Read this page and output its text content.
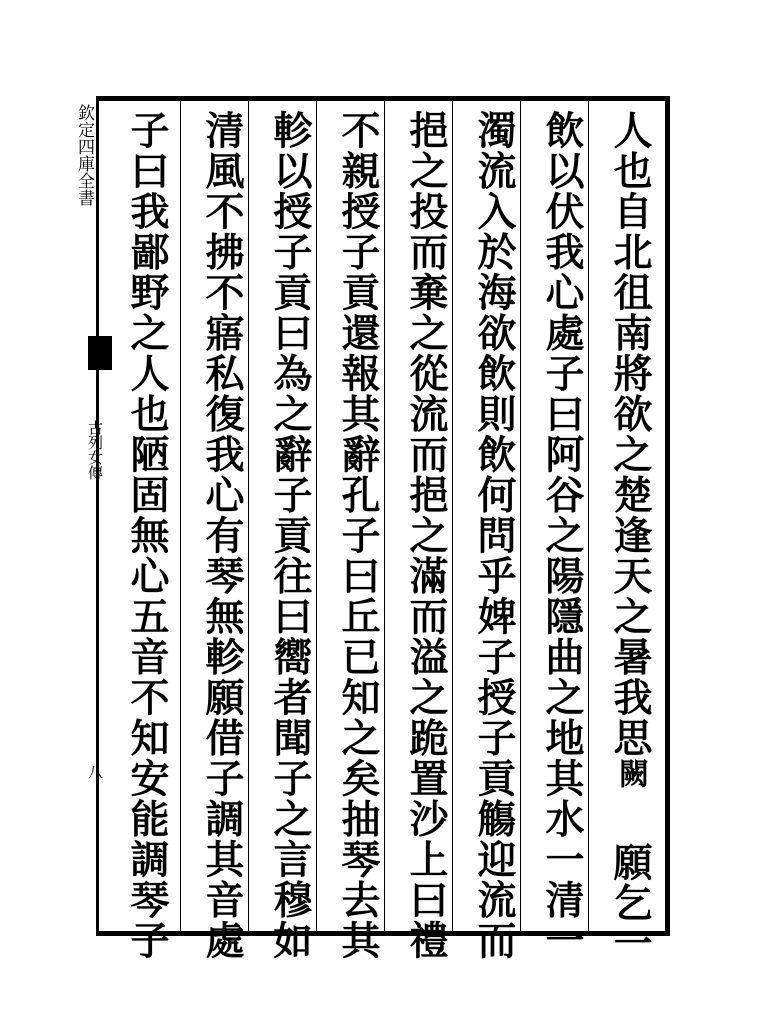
欽定四庫全書
古列女傳
八
人也自北徂南將欲之楚逢天之暑我思闕願乞一
飲以伏我心處子曰阿谷之陽隱曲之地其水一清一
濁流入於海欲飲則飲何問乎婢子授子貢觴迎流而
挹之投而棄之從流而挹之滿而溢之跪置沙上曰禮
不親授子貢還報其辭孔子曰丘已知之矣抽琴去其
軫以授子貢曰為之辭子貢往曰嚮者聞子之言穆如
清風不拂不寤私復我心有琴無軫願借子調其音處
子曰我鄙野之人也陋固無心五音不知安能調琴子
